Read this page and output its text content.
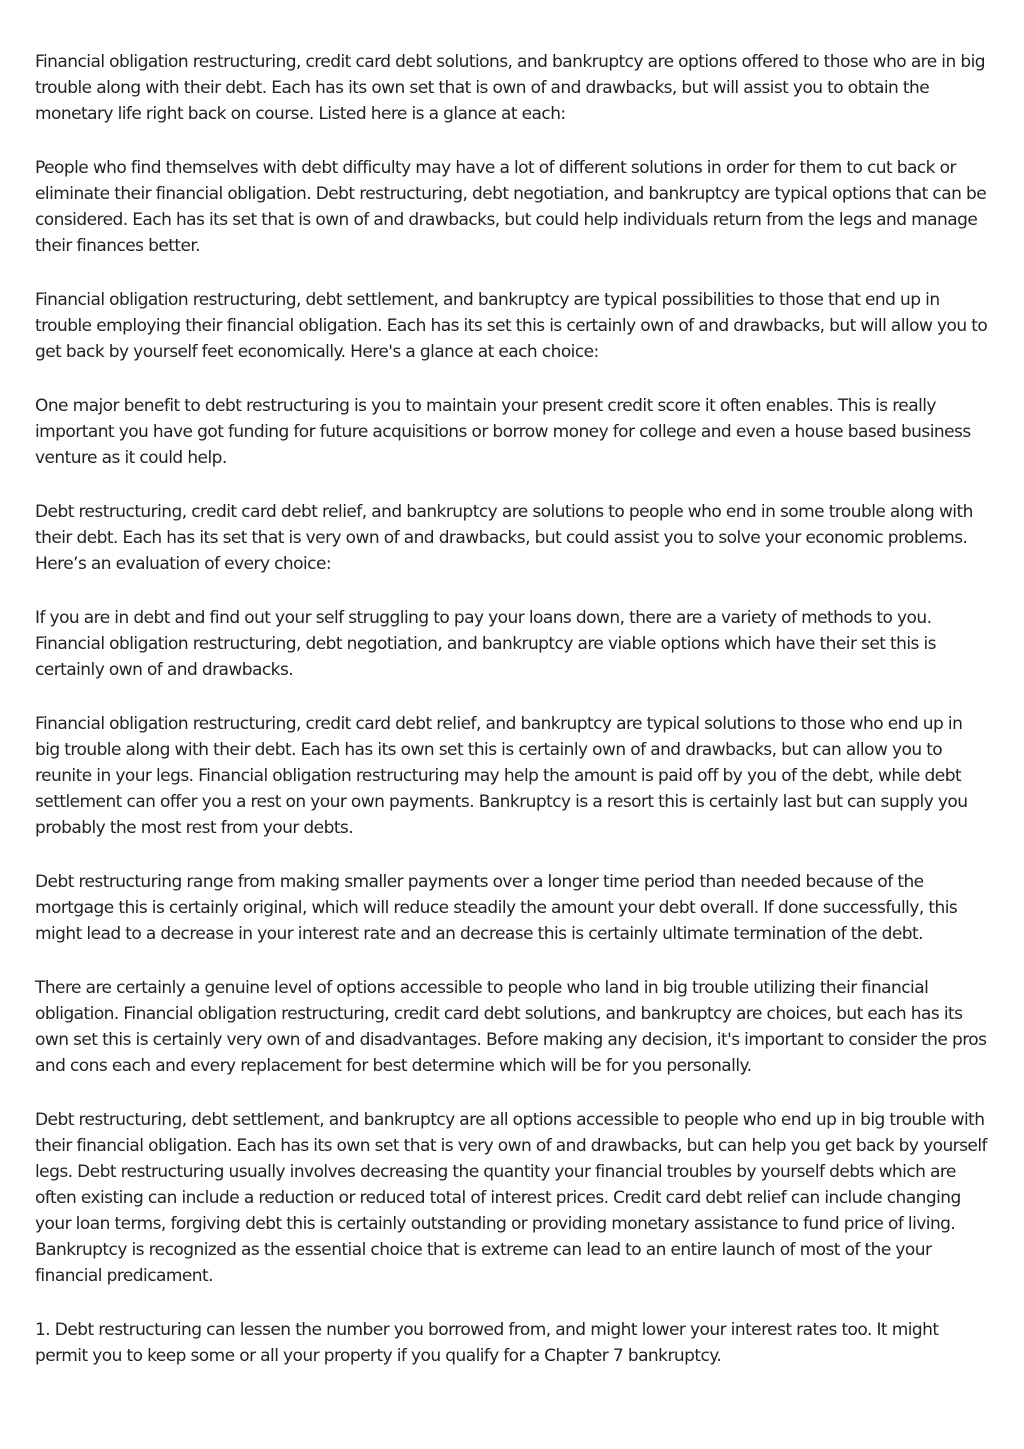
Financial obligation restructuring, credit card debt solutions, and bankruptcy are options offered to those who are in big trouble along with their debt. Each has its own set that is own of and drawbacks, but will assist you to obtain the monetary life right back on course. Listed here is a glance at each:

People who find themselves with debt difficulty may have a lot of different solutions in order for them to cut back or eliminate their financial obligation. Debt restructuring, debt negotiation, and bankruptcy are typical options that can be considered. Each has its set that is own of and drawbacks, but could help individuals return from the legs and manage their finances better.

Financial obligation restructuring, debt settlement, and bankruptcy are typical possibilities to those that end up in trouble employing their financial obligation. Each has its set this is certainly own of and drawbacks, but will allow you to get back by yourself feet economically. Here's a glance at each choice:

One major benefit to debt restructuring is you to maintain your present credit score it often enables. This is really important you have got funding for future acquisitions or borrow money for college and even a house based business venture as it could help.

Debt restructuring, credit card debt relief, and bankruptcy are solutions to people who end in some trouble along with their debt. Each has its set that is very own of and drawbacks, but could assist you to solve your economic problems. Here’s an evaluation of every choice:

If you are in debt and find out your self struggling to pay your loans down, there are a variety of methods to you. Financial obligation restructuring, debt negotiation, and bankruptcy are viable options which have their set this is certainly own of and drawbacks.

Financial obligation restructuring, credit card debt relief, and bankruptcy are typical solutions to those who end up in big trouble along with their debt. Each has its own set this is certainly own of and drawbacks, but can allow you to reunite in your legs. Financial obligation restructuring may help the amount is paid off by you of the debt, while debt settlement can offer you a rest on your own payments. Bankruptcy is a resort this is certainly last but can supply you probably the most rest from your debts.

Debt restructuring range from making smaller payments over a longer time period than needed because of the mortgage this is certainly original, which will reduce steadily the amount your debt overall. If done successfully, this might lead to a decrease in your interest rate and an decrease this is certainly ultimate termination of the debt.

There are certainly a genuine level of options accessible to people who land in big trouble utilizing their financial obligation. Financial obligation restructuring, credit card debt solutions, and bankruptcy are choices, but each has its own set this is certainly very own of and disadvantages. Before making any decision, it's important to consider the pros and cons each and every replacement for best determine which will be for you personally.

Debt restructuring, debt settlement, and bankruptcy are all options accessible to people who end up in big trouble with their financial obligation. Each has its own set that is very own of and drawbacks, but can help you get back by yourself legs. Debt restructuring usually involves decreasing the quantity your financial troubles by yourself debts which are often existing can include a reduction or reduced total of interest prices. Credit card debt relief can include changing your loan terms, forgiving debt this is certainly outstanding or providing monetary assistance to fund price of living. Bankruptcy is recognized as the essential choice that is extreme can lead to an entire launch of most of the your financial predicament.

1. Debt restructuring can lessen the number you borrowed from, and might lower your interest rates too. It might permit you to keep some or all your property if you qualify for a Chapter 7 bankruptcy.
